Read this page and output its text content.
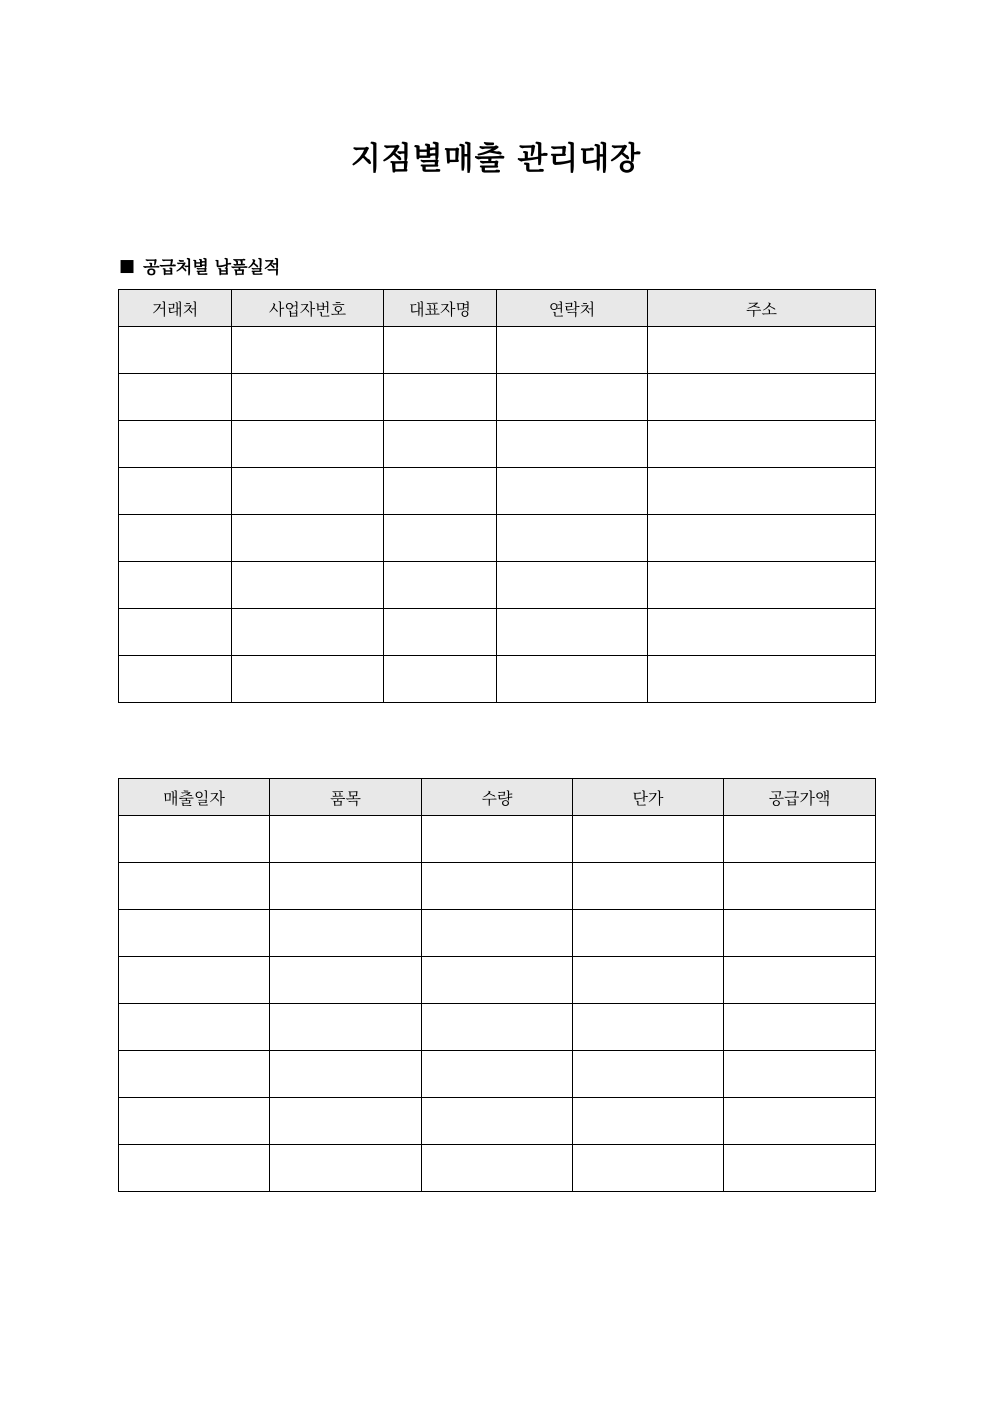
지점별매출 관리대장
■ 공급처별 납품실적
거래처	사업자번호	대표자명	연락처	주소

매출일자	품목	수량	단가	공급가액
